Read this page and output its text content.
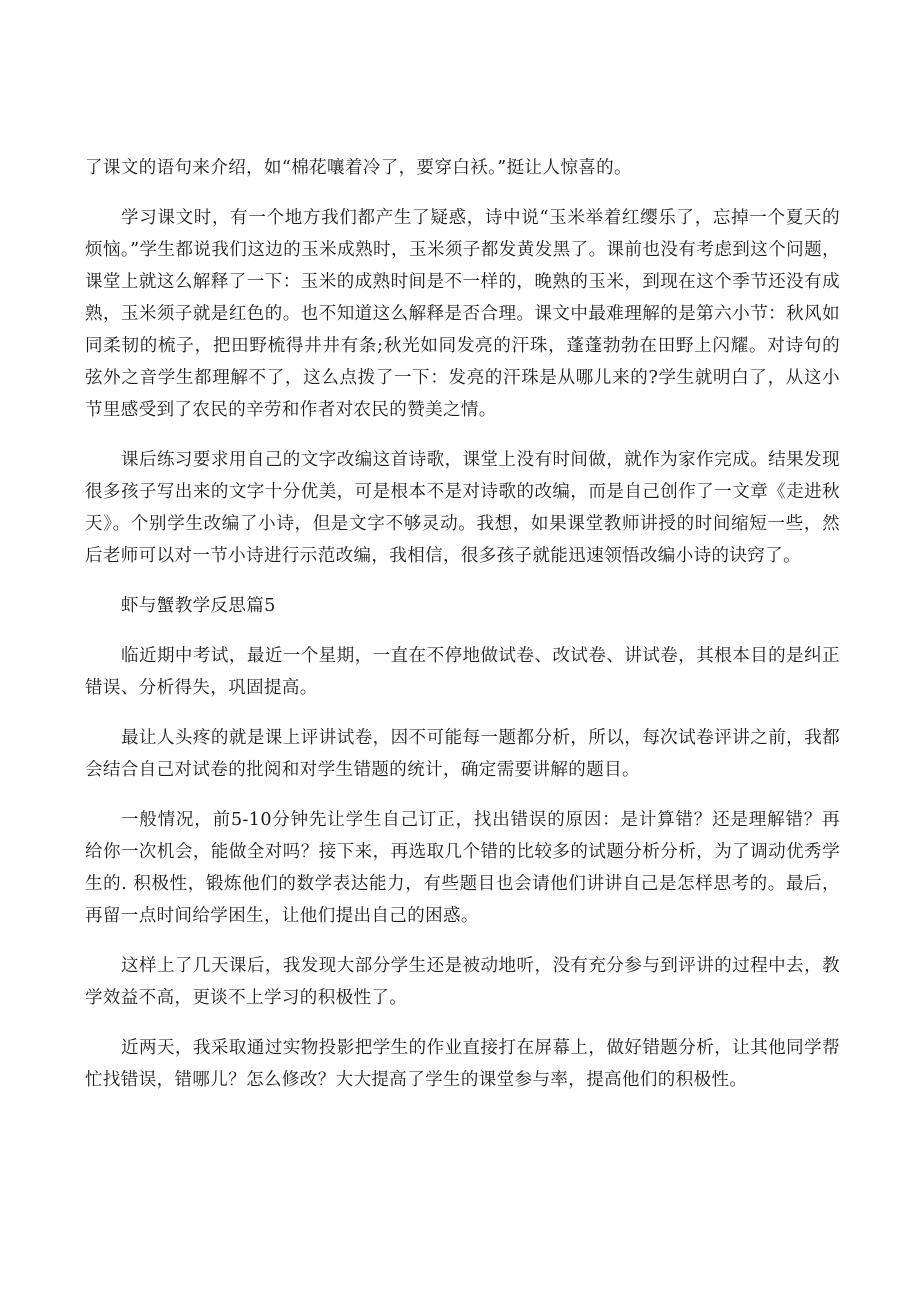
了课文的语句来介绍，如“棉花嚷着冷了，要穿白袄。”挺让人惊喜的。

学习课文时，有一个地方我们都产生了疑惑，诗中说“玉米举着红缨乐了，忘掉一个夏天的烦恼。”学生都说我们这边的玉米成熟时，玉米须子都发黄发黑了。课前也没有考虑到这个问题，课堂上就这么解释了一下：玉米的成熟时间是不一样的，晚熟的玉米，到现在这个季节还没有成熟，玉米须子就是红色的。也不知道这么解释是否合理。课文中最难理解的是第六小节：秋风如同柔韧的梳子，把田野梳得井井有条;秋光如同发亮的汗珠，蓬蓬勃勃在田野上闪耀。对诗句的弦外之音学生都理解不了，这么点拨了一下：发亮的汗珠是从哪儿来的?学生就明白了，从这小节里感受到了农民的辛劳和作者对农民的赞美之情。

课后练习要求用自己的文字改编这首诗歌，课堂上没有时间做，就作为家作完成。结果发现很多孩子写出来的文字十分优美，可是根本不是对诗歌的改编，而是自己创作了一文章《走进秋天》。个别学生改编了小诗，但是文字不够灵动。我想，如果课堂教师讲授的时间缩短一些，然后老师可以对一节小诗进行示范改编，我相信，很多孩子就能迅速领悟改编小诗的诀窍了。

虾与蟹教学反思篇5

临近期中考试，最近一个星期，一直在不停地做试卷、改试卷、讲试卷，其根本目的是纠正错误、分析得失，巩固提高。

最让人头疼的就是课上评讲试卷，因不可能每一题都分析，所以，每次试卷评讲之前，我都会结合自己对试卷的批阅和对学生错题的统计，确定需要讲解的题目。

一般情况，前5-10分钟先让学生自己订正，找出错误的原因：是计算错？还是理解错？再给你一次机会，能做全对吗？接下来，再选取几个错的比较多的试题分析分析，为了调动优秀学生的. 积极性，锻炼他们的数学表达能力，有些题目也会请他们讲讲自己是怎样思考的。最后，再留一点时间给学困生，让他们提出自己的困惑。

这样上了几天课后，我发现大部分学生还是被动地听，没有充分参与到评讲的过程中去，教学效益不高，更谈不上学习的积极性了。

近两天，我采取通过实物投影把学生的作业直接打在屏幕上，做好错题分析，让其他同学帮忙找错误，错哪儿？怎么修改？大大提高了学生的课堂参与率，提高他们的积极性。
